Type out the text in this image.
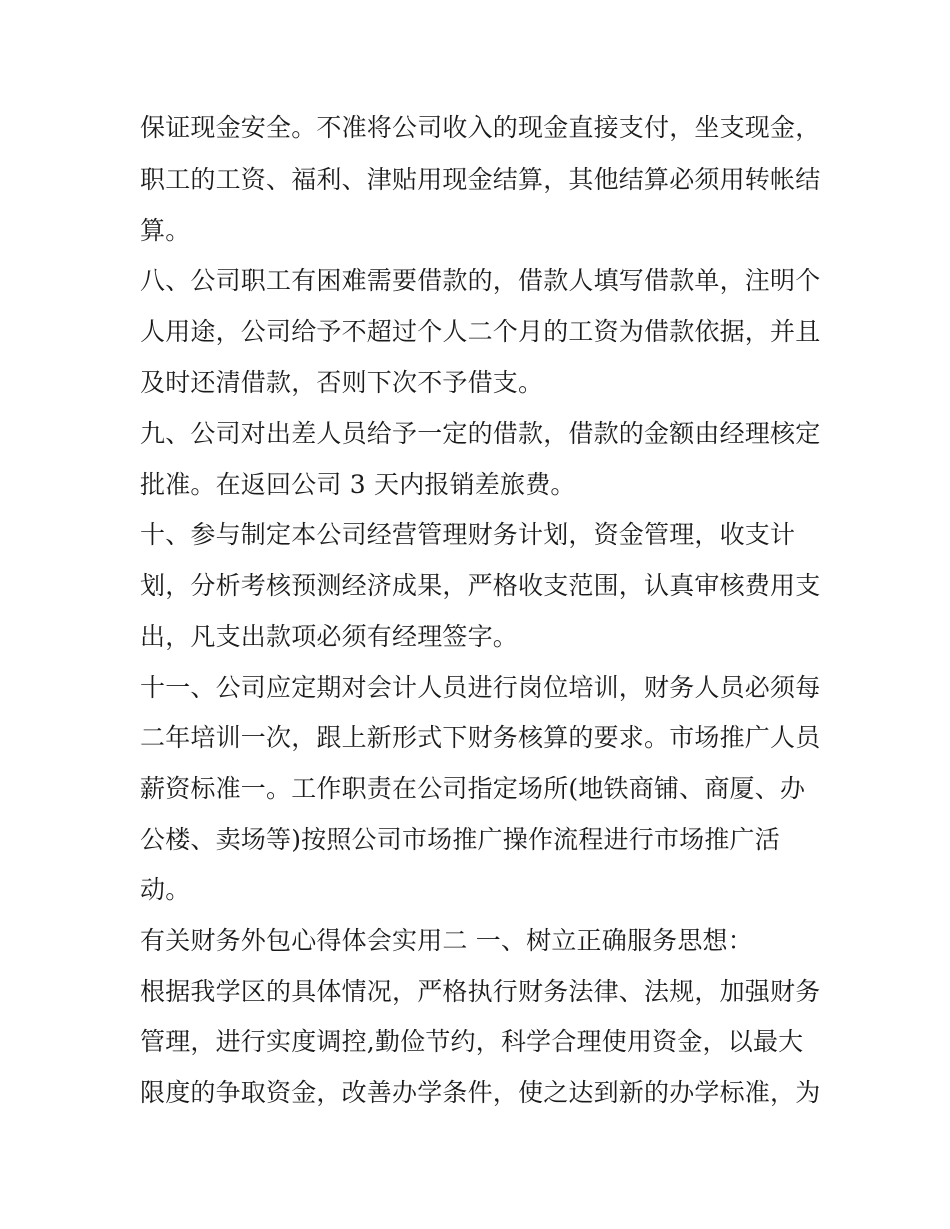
保证现金安全。不准将公司收入的现金直接支付，坐支现金，
职工的工资、福利、津贴用现金结算，其他结算必须用转帐结
算。
八、公司职工有困难需要借款的，借款人填写借款单，注明个
人用途，公司给予不超过个人二个月的工资为借款依据，并且
及时还清借款，否则下次不予借支。
九、公司对出差人员给予一定的借款，借款的金额由经理核定
批准。在返回公司 3 天内报销差旅费。
十、参与制定本公司经营管理财务计划，资金管理，收支计
划，分析考核预测经济成果，严格收支范围，认真审核费用支
出，凡支出款项必须有经理签字。
十一、公司应定期对会计人员进行岗位培训，财务人员必须每
二年培训一次，跟上新形式下财务核算的要求。市场推广人员
薪资标准一。工作职责在公司指定场所(地铁商铺、商厦、办
公楼、卖场等)按照公司市场推广操作流程进行市场推广活
动。
有关财务外包心得体会实用二 一、树立正确服务思想：
根据我学区的具体情况，严格执行财务法律、法规，加强财务
管理，进行实度调控,勤俭节约，科学合理使用资金，以最大
限度的争取资金，改善办学条件，使之达到新的办学标准，为
